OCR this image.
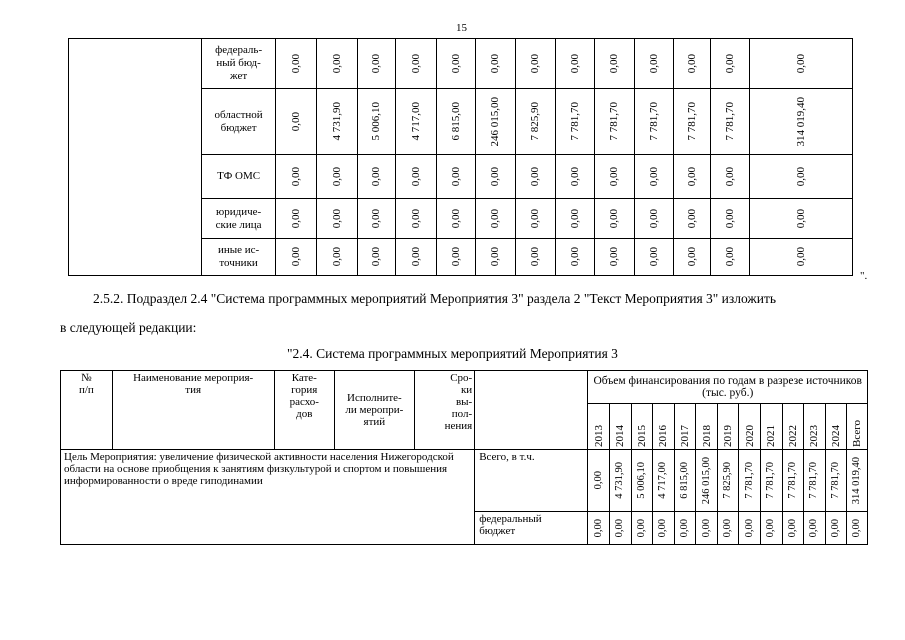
15
	федераль-
ный бюд-
жет	0,00	0,00	0,00	0,00	0,00	0,00	0,00	0,00	0,00	0,00	0,00	0,00	0,00

	областной
бюджет	0,00	4 731,90	5 006,10	4 717,00	6 815,00	246 015,00	7 825,90	7 781,70	7 781,70	7 781,70	7 781,70	7 781,70	314 019,40

	ТФ ОМС	0,00	0,00	0,00	0,00	0,00	0,00	0,00	0,00	0,00	0,00	0,00	0,00	0,00

	юридиче-
ские лица	0,00	0,00	0,00	0,00	0,00	0,00	0,00	0,00	0,00	0,00	0,00	0,00	0,00

	иные ис-
точники	0,00	0,00	0,00	0,00	0,00	0,00	0,00	0,00	0,00	0,00	0,00	0,00	0,00
".
2.5.2. Подраздел 2.4 "Система программных мероприятий Мероприятия 3" раздела 2 "Текст Мероприятия 3" изложить
в следующей редакции:
"2.4. Система программных мероприятий Мероприятия 3
№
п/п	Наименование мероприя-
тия	Кате-
гория
расхо-
дов	Исполните-
ли меропри-
ятий	Сро-
ки
вы-
пол-
нения		Объем финансирования по годам в разрезе источников
(тыс. руб.)												

						2013	2014	2015	2016	2017	2018	2019	2020	2021	2022	2023	2024	Всего

Цель Мероприятия: увеличение физической активности населения Нижегородской области на основе приобщения к занятиям физкультурой и спортом и повышения информированности о вреде гиподинамии					Всего, в т.ч.	0,00	4 731,90	5 006,10	4 717,00	6 815,00	246 015,00	7 825,90	7 781,70	7 781,70	7 781,70	7 781,70	7 781,70	314 019,40

					федеральный
бюджет	0,00	0,00	0,00	0,00	0,00	0,00	0,00	0,00	0,00	0,00	0,00	0,00	0,00
